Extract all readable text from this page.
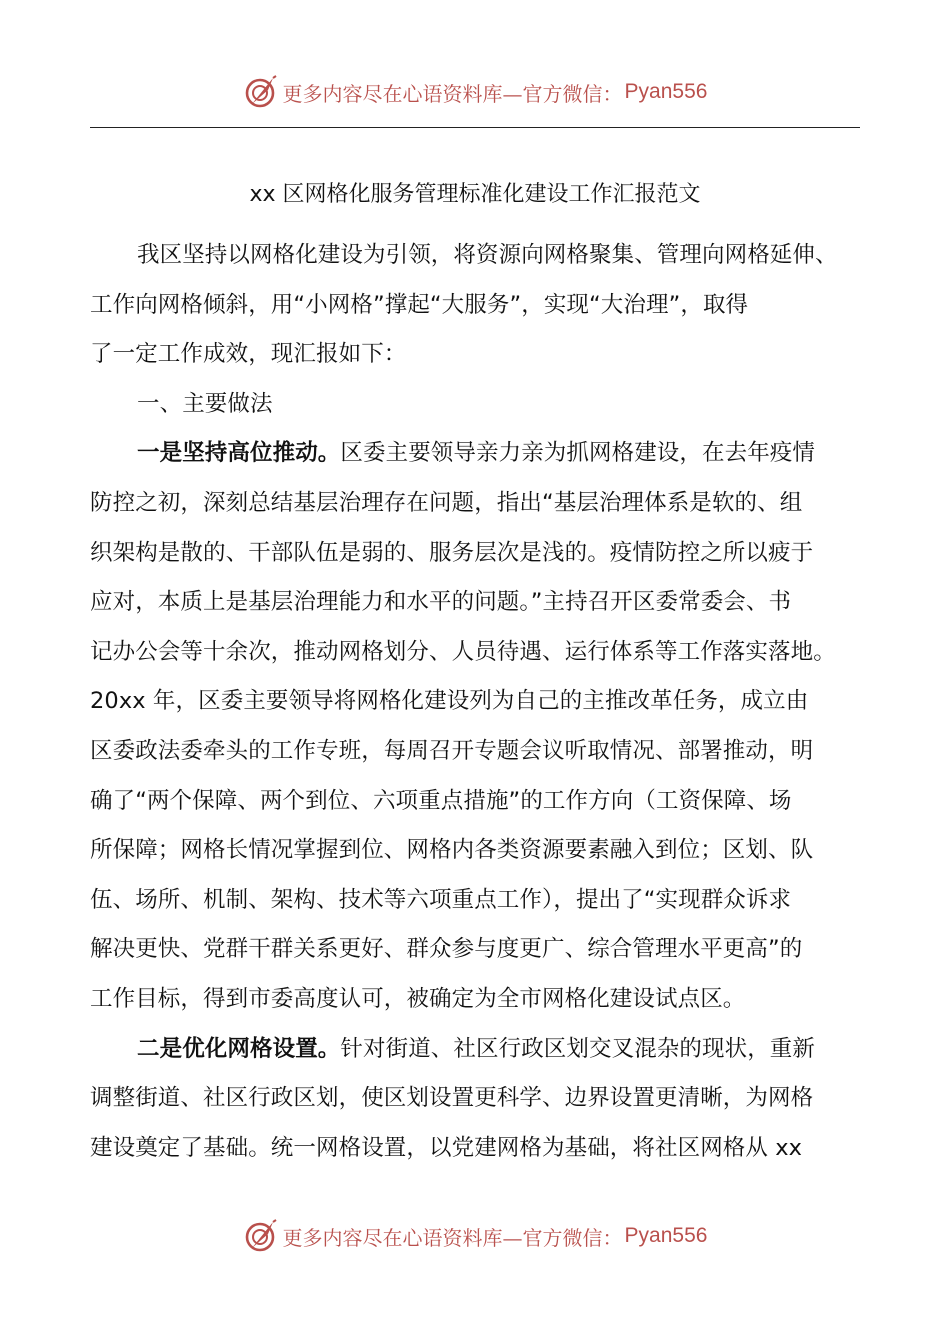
更多内容尽在心语资料库—官方微信： Pyan556
xx 区网格化服务管理标准化建设工作汇报范文
我区坚持以网格化建设为引领，将资源向网格聚集、管理向网格延伸、
工作向网格倾斜，用“小网格”撑起“大服务”，实现“大治理”，取得
了一定工作成效，现汇报如下：
一、主要做法
一是坚持高位推动。区委主要领导亲力亲为抓网格建设，在去年疫情
防控之初，深刻总结基层治理存在问题，指出“基层治理体系是软的、组
织架构是散的、干部队伍是弱的、服务层次是浅的。疫情防控之所以疲于
应对，本质上是基层治理能力和水平的问题。”主持召开区委常委会、书
记办公会等十余次，推动网格划分、人员待遇、运行体系等工作落实落地。
20xx 年，区委主要领导将网格化建设列为自己的主推改革任务，成立由
区委政法委牵头的工作专班，每周召开专题会议听取情况、部署推动，明
确了“两个保障、两个到位、六项重点措施”的工作方向（工资保障、场
所保障；网格长情况掌握到位、网格内各类资源要素融入到位；区划、队
伍、场所、机制、架构、技术等六项重点工作），提出了“实现群众诉求
解决更快、党群干群关系更好、群众参与度更广、综合管理水平更高”的
工作目标，得到市委高度认可，被确定为全市网格化建设试点区。
二是优化网格设置。针对街道、社区行政区划交叉混杂的现状，重新
调整街道、社区行政区划，使区划设置更科学、边界设置更清晰，为网格
建设奠定了基础。统一网格设置，以党建网格为基础，将社区网格从 xx
更多内容尽在心语资料库—官方微信： Pyan556
